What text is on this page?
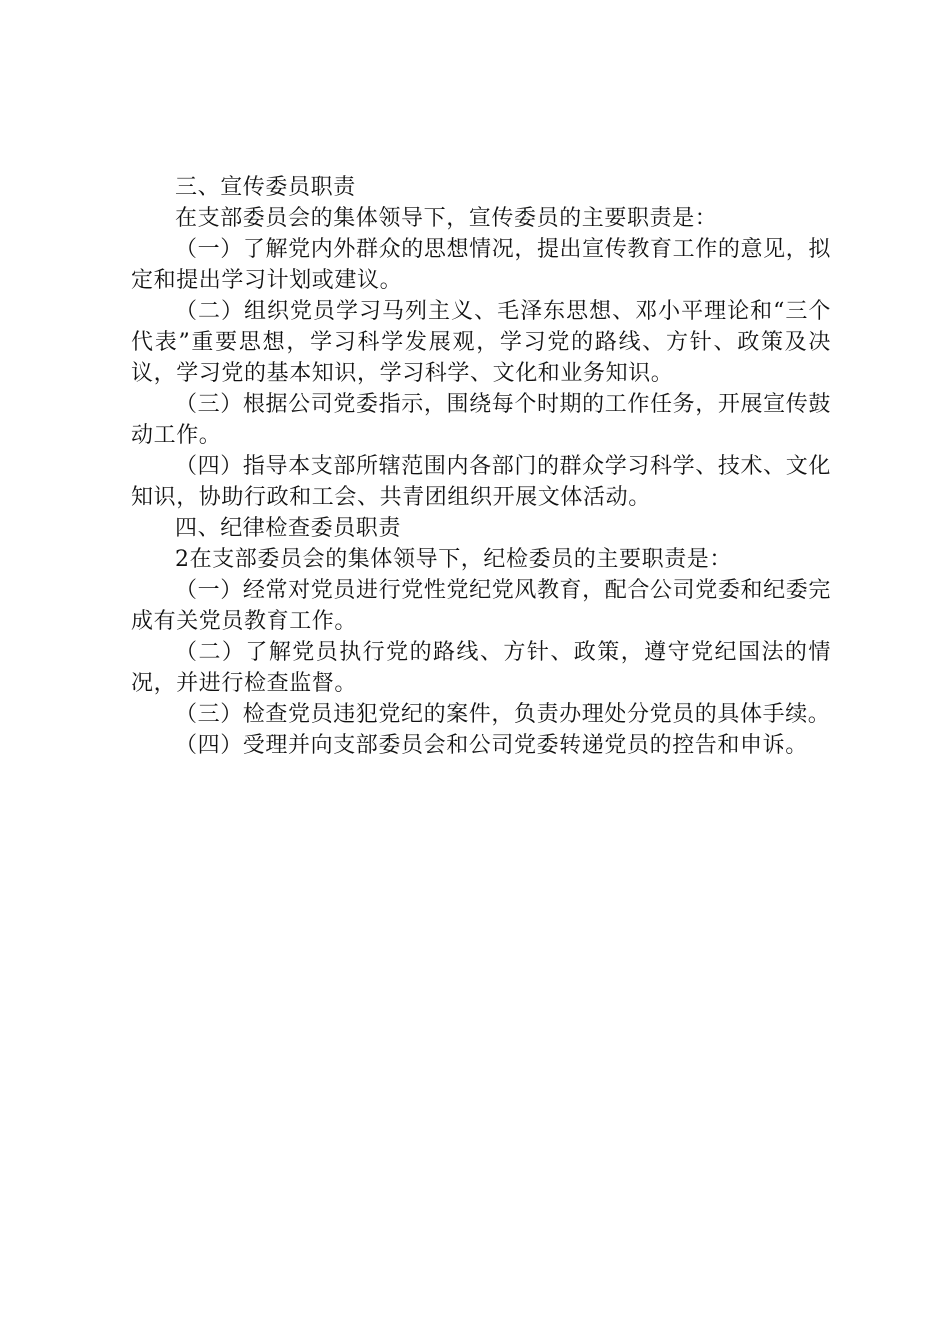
三、宣传委员职责

在支部委员会的集体领导下，宣传委员的主要职责是：

（一）了解党内外群众的思想情况，提出宣传教育工作的意见，拟定和提出学习计划或建议。

（二）组织党员学习马列主义、毛泽东思想、邓小平理论和“三个代表”重要思想，学习科学发展观，学习党的路线、方针、政策及决议，学习党的基本知识，学习科学、文化和业务知识。

（三）根据公司党委指示，围绕每个时期的工作任务，开展宣传鼓动工作。

（四）指导本支部所辖范围内各部门的群众学习科学、技术、文化知识，协助行政和工会、共青团组织开展文体活动。

四、纪律检查委员职责

2在支部委员会的集体领导下，纪检委员的主要职责是：

（一）经常对党员进行党性党纪党风教育，配合公司党委和纪委完成有关党员教育工作。

（二）了解党员执行党的路线、方针、政策，遵守党纪国法的情况，并进行检查监督。

（三）检查党员违犯党纪的案件，负责办理处分党员的具体手续。

（四）受理并向支部委员会和公司党委转递党员的控告和申诉。
